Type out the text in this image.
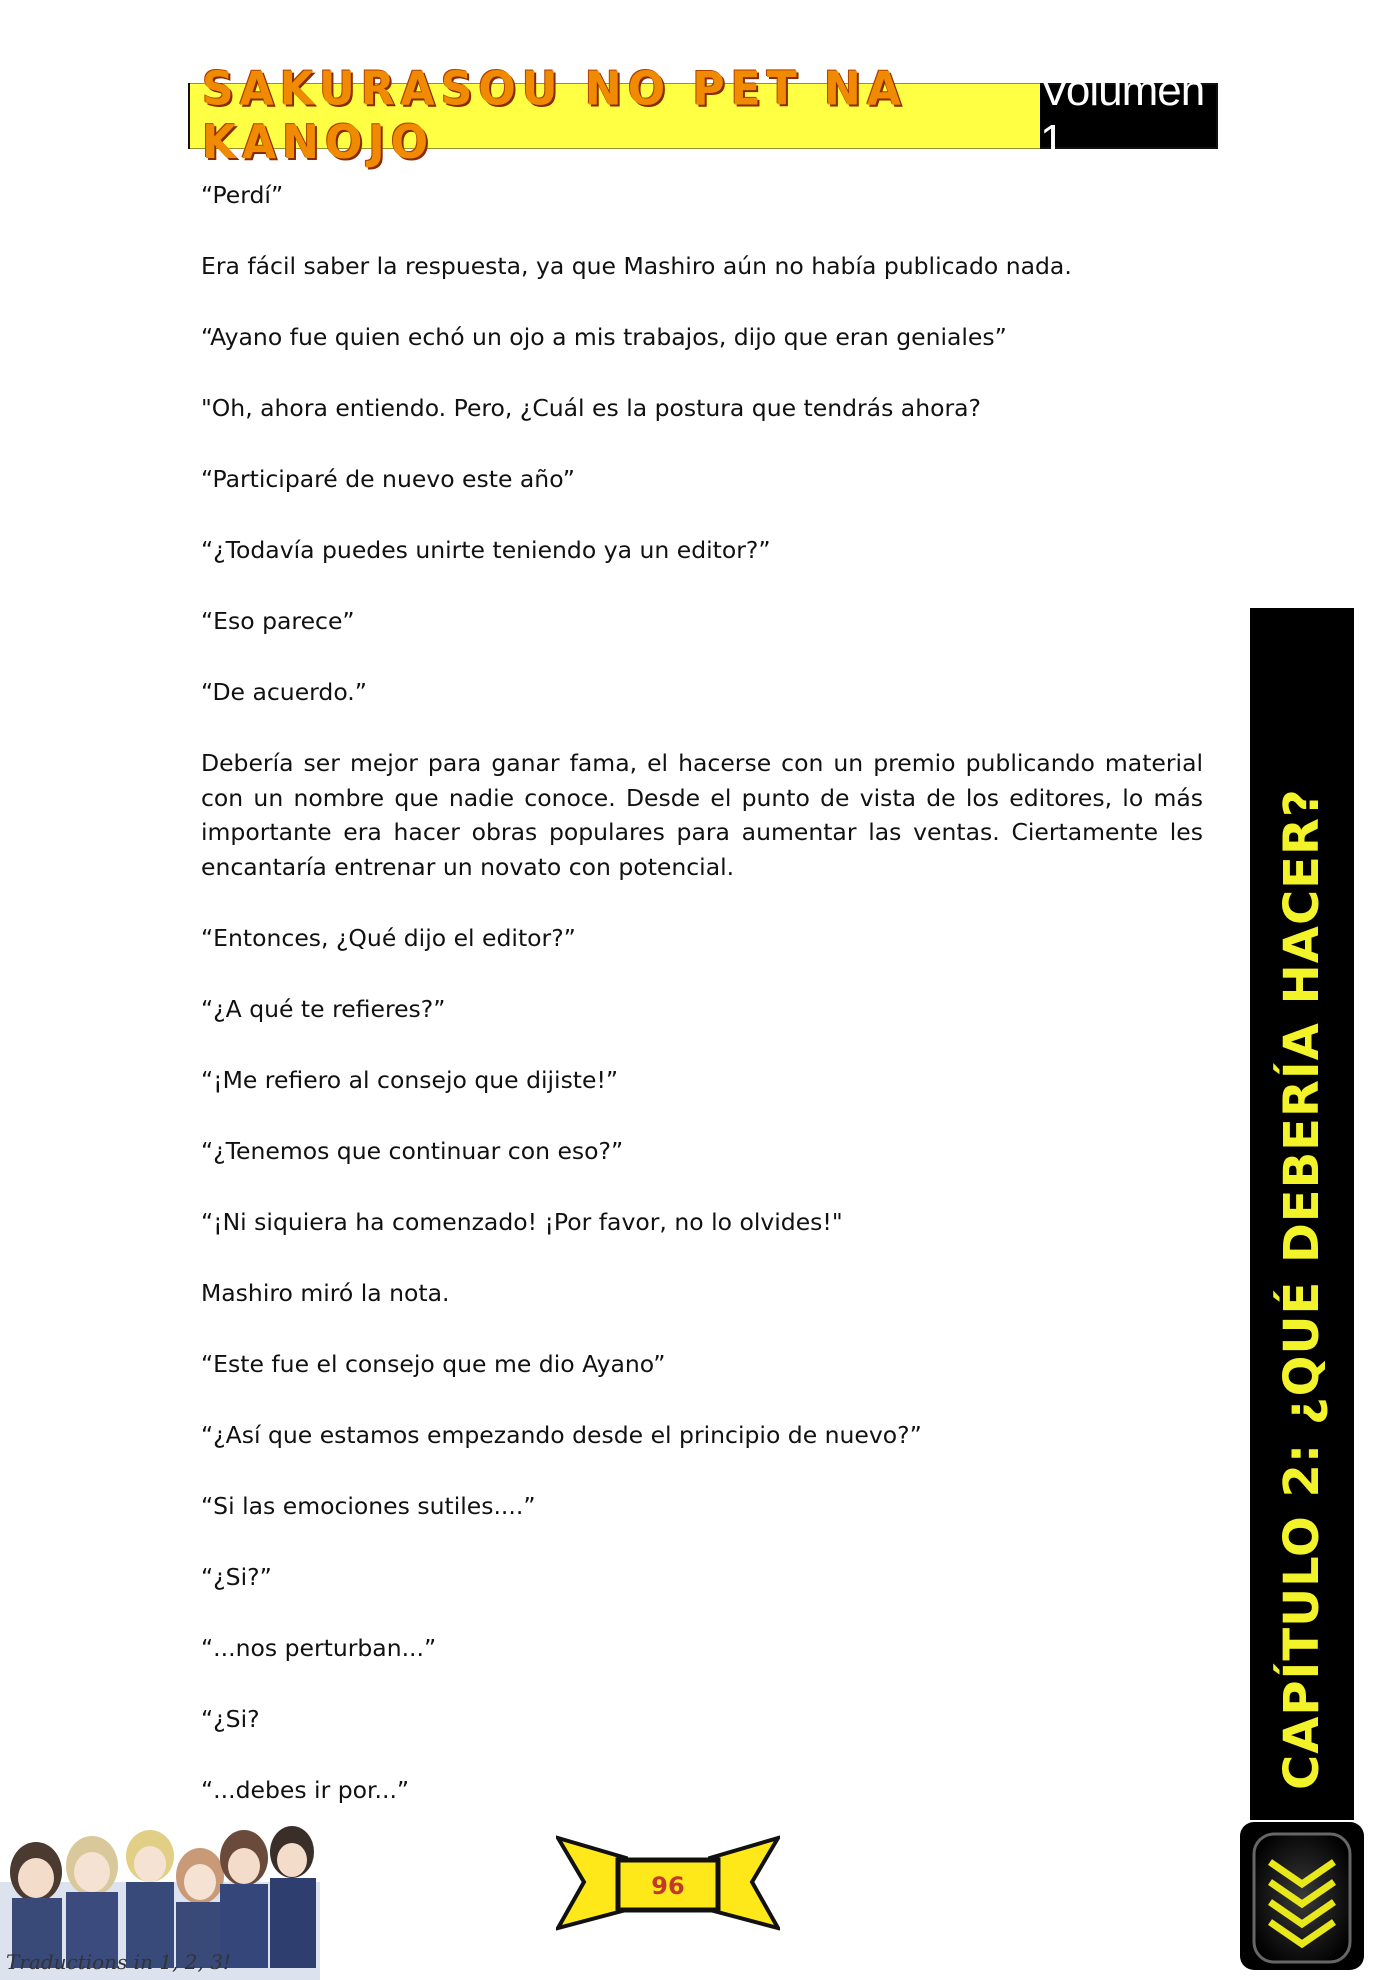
SAKURASOU NO PET NA KANOJO
Volumen 1

“Perdí”

Era fácil saber la respuesta, ya que Mashiro aún no había publicado nada.

“Ayano fue quien echó un ojo a mis trabajos, dijo que eran geniales”

"Oh, ahora entiendo. Pero, ¿Cuál es la postura que tendrás ahora?

“Participaré de nuevo este año”

“¿Todavía puedes unirte teniendo ya un editor?”

“Eso parece”

“De acuerdo.”

Debería ser mejor para ganar fama, el hacerse con un premio publicando material con un nombre que nadie conoce. Desde el punto de vista de los editores, lo más importante era hacer obras populares para aumentar las ventas. Ciertamente les encantaría entrenar un novato con potencial.

“Entonces, ¿Qué dijo el editor?”

“¿A qué te refieres?”

“¡Me refiero al consejo que dijiste!”

“¿Tenemos que continuar con eso?”

“¡Ni siquiera ha comenzado! ¡Por favor, no lo olvides!"

Mashiro miró la nota.

“Este fue el consejo que me dio Ayano”

“¿Así que estamos empezando desde el principio de nuevo?”

“Si las emociones sutiles....”

“¿Si?”

“...nos perturban...”

“¿Si?

“...debes ir por...”	CAPÍTULO 2: ¿QUÉ DEBERÍA HACER?
96
Traductions in 1, 2, 3!
